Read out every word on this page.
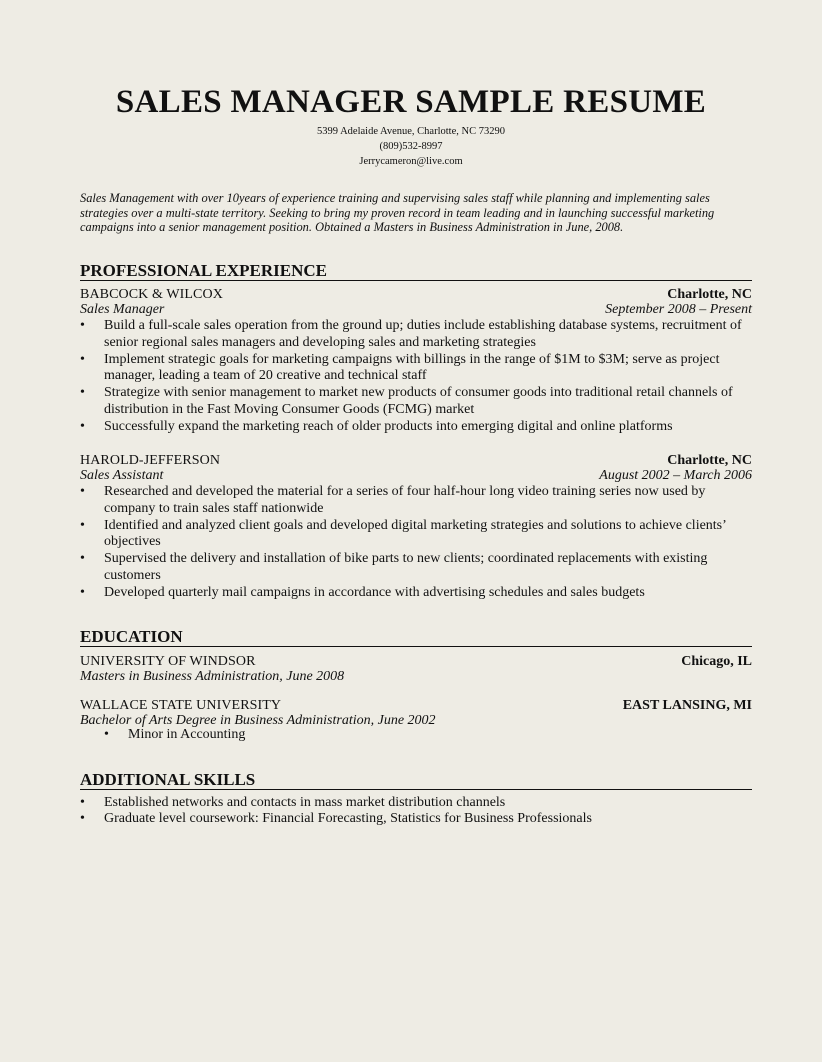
SALES MANAGER SAMPLE RESUME

5399 Adelaide Avenue, Charlotte, NC 73290

(809)532-8997

Jerrycameron@live.com

Sales Management with over 10years of experience training and supervising sales staff while planning and implementing sales strategies over a multi-state territory. Seeking to bring my proven record in team leading and in launching successful marketing campaigns into a senior management position. Obtained a Masters in Business Administration in June, 2008.

PROFESSIONAL EXPERIENCE
BABCOCK & WILCOX	Charlotte, NC
Sales Manager	September 2008 – Present
•	Build a full-scale sales operation from the ground up; duties include establishing database systems, recruitment of senior regional sales managers and developing sales and marketing strategies
•	Implement strategic goals for marketing campaigns with billings in the range of $1M to $3M; serve as project manager, leading a team of 20 creative and technical staff
•	Strategize with senior management to market new products of consumer goods into traditional retail channels of distribution in the Fast Moving Consumer Goods (FCMG) market
•	Successfully expand the marketing reach of older products into emerging digital and online platforms
HAROLD-JEFFERSON	Charlotte, NC
Sales Assistant	August 2002 – March 2006
•	Researched and developed the material for a series of four half-hour long video training series now used by company to train sales staff nationwide
•	Identified and analyzed client goals and developed digital marketing strategies and solutions to achieve clients’ objectives
•	Supervised the delivery and installation of bike parts to new clients; coordinated replacements with existing customers
•	Developed quarterly mail campaigns in accordance with advertising schedules and sales budgets
EDUCATION
UNIVERSITY OF WINDSOR	Chicago, IL
Masters in Business Administration, June 2008
WALLACE STATE UNIVERSITY	EAST LANSING, MI
Bachelor of Arts Degree in Business Administration, June 2002
•	Minor in Accounting
ADDITIONAL SKILLS
•	Established networks and contacts in mass market distribution channels
•	Graduate level coursework: Financial Forecasting, Statistics for Business Professionals
